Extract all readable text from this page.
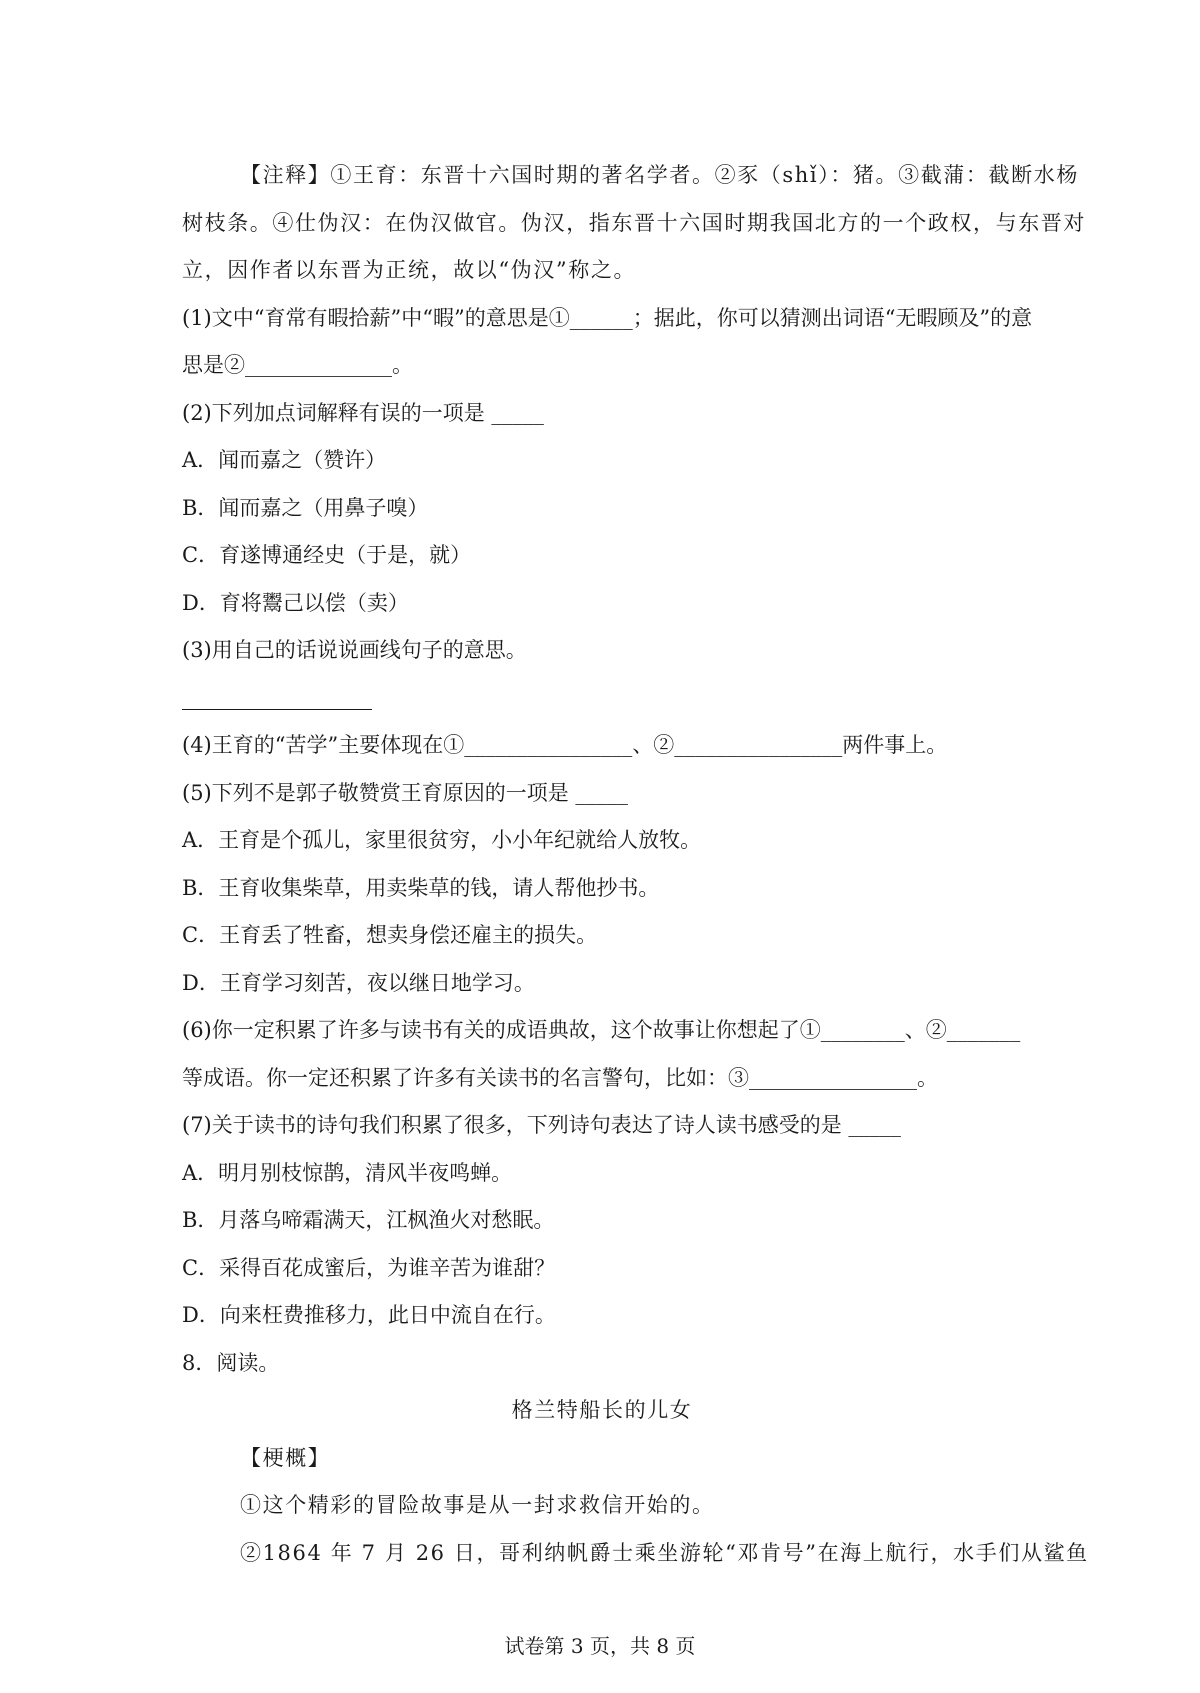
【注释】①王育：东晋十六国时期的著名学者。②豕（shǐ）：猪。③截蒲：截断水杨
树枝条。④仕伪汉：在伪汉做官。伪汉，指东晋十六国时期我国北方的一个政权，与东晋对
立，因作者以东晋为正统，故以“伪汉”称之。
(1)文中“育常有暇拾薪”中“暇”的意思是①______；据此，你可以猜测出词语“无暇顾及”的意
思是②______________。
(2)下列加点词解释有误的一项是 _____
A．闻而嘉之（赞许）
B．闻而嘉之（用鼻子嗅）
C．育遂博通经史（于是，就）
D．育将鬻己以偿（卖）
(3)用自己的话说说画线句子的意思。
(4)王育的“苦学”主要体现在①________________、②________________两件事上。
(5)下列不是郭子敬赞赏王育原因的一项是 _____
A．王育是个孤儿，家里很贫穷，小小年纪就给人放牧。
B．王育收集柴草，用卖柴草的钱，请人帮他抄书。
C．王育丢了牲畜，想卖身偿还雇主的损失。
D．王育学习刻苦，夜以继日地学习。
(6)你一定积累了许多与读书有关的成语典故，这个故事让你想起了①________、②_______
等成语。你一定还积累了许多有关读书的名言警句，比如：③________________。
(7)关于读书的诗句我们积累了很多，下列诗句表达了诗人读书感受的是 _____
A．明月别枝惊鹊，清风半夜鸣蝉。
B．月落乌啼霜满天，江枫渔火对愁眠。
C．采得百花成蜜后，为谁辛苦为谁甜？
D．向来枉费推移力，此日中流自在行。
8．阅读。
格兰特船长的儿女
【梗概】
①这个精彩的冒险故事是从一封求救信开始的。
②1864 年 7 月 26 日，哥利纳帆爵士乘坐游轮“邓肯号”在海上航行，水手们从鲨鱼
试卷第 3 页，共 8 页
